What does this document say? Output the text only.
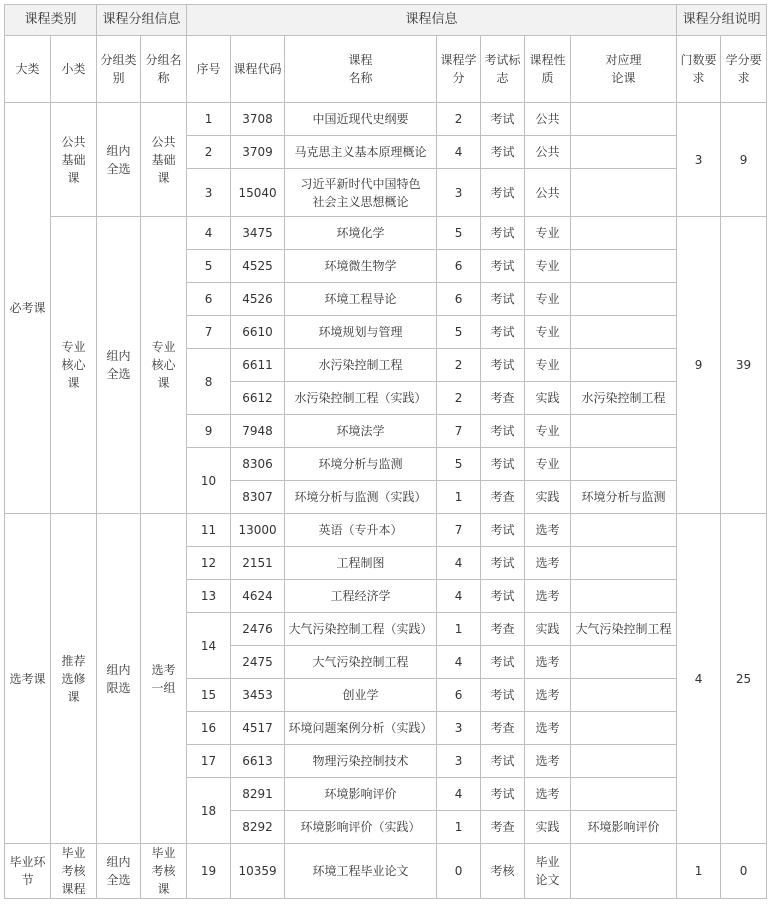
课程类别		课程分组信息		课程信息							课程分组说明	
大类	小类	分组类别	分组名称	序号	课程代码	课程名称	课程学分	考试标志	课程性质	对应理论课	门数要求	学分要求
必考课	公共基础课	组内全选	公共基础课	1	3708	中国近现代史纲要	2	考试	公共		3	9
				2	3709	马克思主义基本原理概论	4	考试	公共			
				3	15040	习近平新时代中国特色社会主义思想概论	3	考试	公共			
	专业核心课	组内全选	专业核心课	4	3475	环境化学	5	考试	专业		9	39
				5	4525	环境微生物学	6	考试	专业			
				6	4526	环境工程导论	6	考试	专业			
				7	6610	环境规划与管理	5	考试	专业			
				8	6611	水污染控制工程	2	考试	专业			
					6612	水污染控制工程（实践）	2	考查	实践	水污染控制工程		
				9	7948	环境法学	7	考试	专业			
				10	8306	环境分析与监测	5	考试	专业			
					8307	环境分析与监测（实践）	1	考查	实践	环境分析与监测		
选考课	推荐选修课	组内限选	选考一组	11	13000	英语（专升本）	7	考试	选考		4	25
				12	2151	工程制图	4	考试	选考			
				13	4624	工程经济学	4	考试	选考			
				14	2476	大气污染控制工程（实践）	1	考查	实践	大气污染控制工程		
					2475	大气污染控制工程	4	考试	选考			
				15	3453	创业学	6	考试	选考			
				16	4517	环境问题案例分析（实践）	3	考查	选考			
				17	6613	物理污染控制技术	3	考试	选考			
				18	8291	环境影响评价	4	考试	选考			
					8292	环境影响评价（实践）	1	考查	实践	环境影响评价		
毕业环节	毕业考核课程	组内全选	毕业考核课	19	10359	环境工程毕业论文	0	考核	毕业论文		1	0
